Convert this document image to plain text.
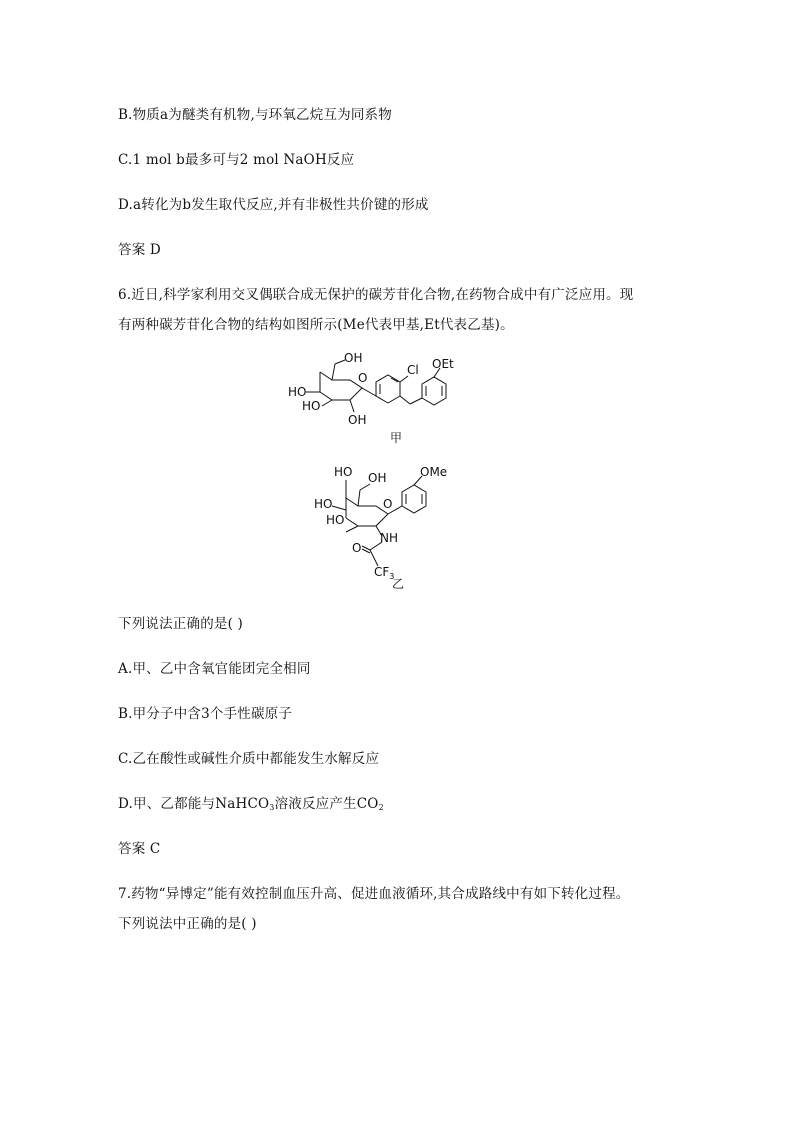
B.物质a为醚类有机物,与环氧乙烷互为同系物
C.1 mol b最多可与2 mol NaOH反应
D.a转化为b发生取代反应,并有非极性共价键的形成
答案 D
6.近日,科学家利用交叉偶联合成无保护的碳芳苷化合物,在药物合成中有广泛应用。现
有两种碳芳苷化合物的结构如图所示(Me代表甲基,Et代表乙基)。
OH
O
HO
HO
OH
Cl OEt
甲
HO OH
O
HO
HO
NH
O
$CF_3$
OMe
乙
下列说法正确的是( )
A.甲、乙中含氧官能团完全相同
B.甲分子中含3个手性碳原子
C.乙在酸性或碱性介质中都能发生水解反应
D.甲、乙都能与NaHCO$_3$溶液反应产生$CO_2$
答案 C
7.药物“异博定”能有效控制血压升高、促进血液循环,其合成路线中有如下转化过程。
下列说法中正确的是( )
